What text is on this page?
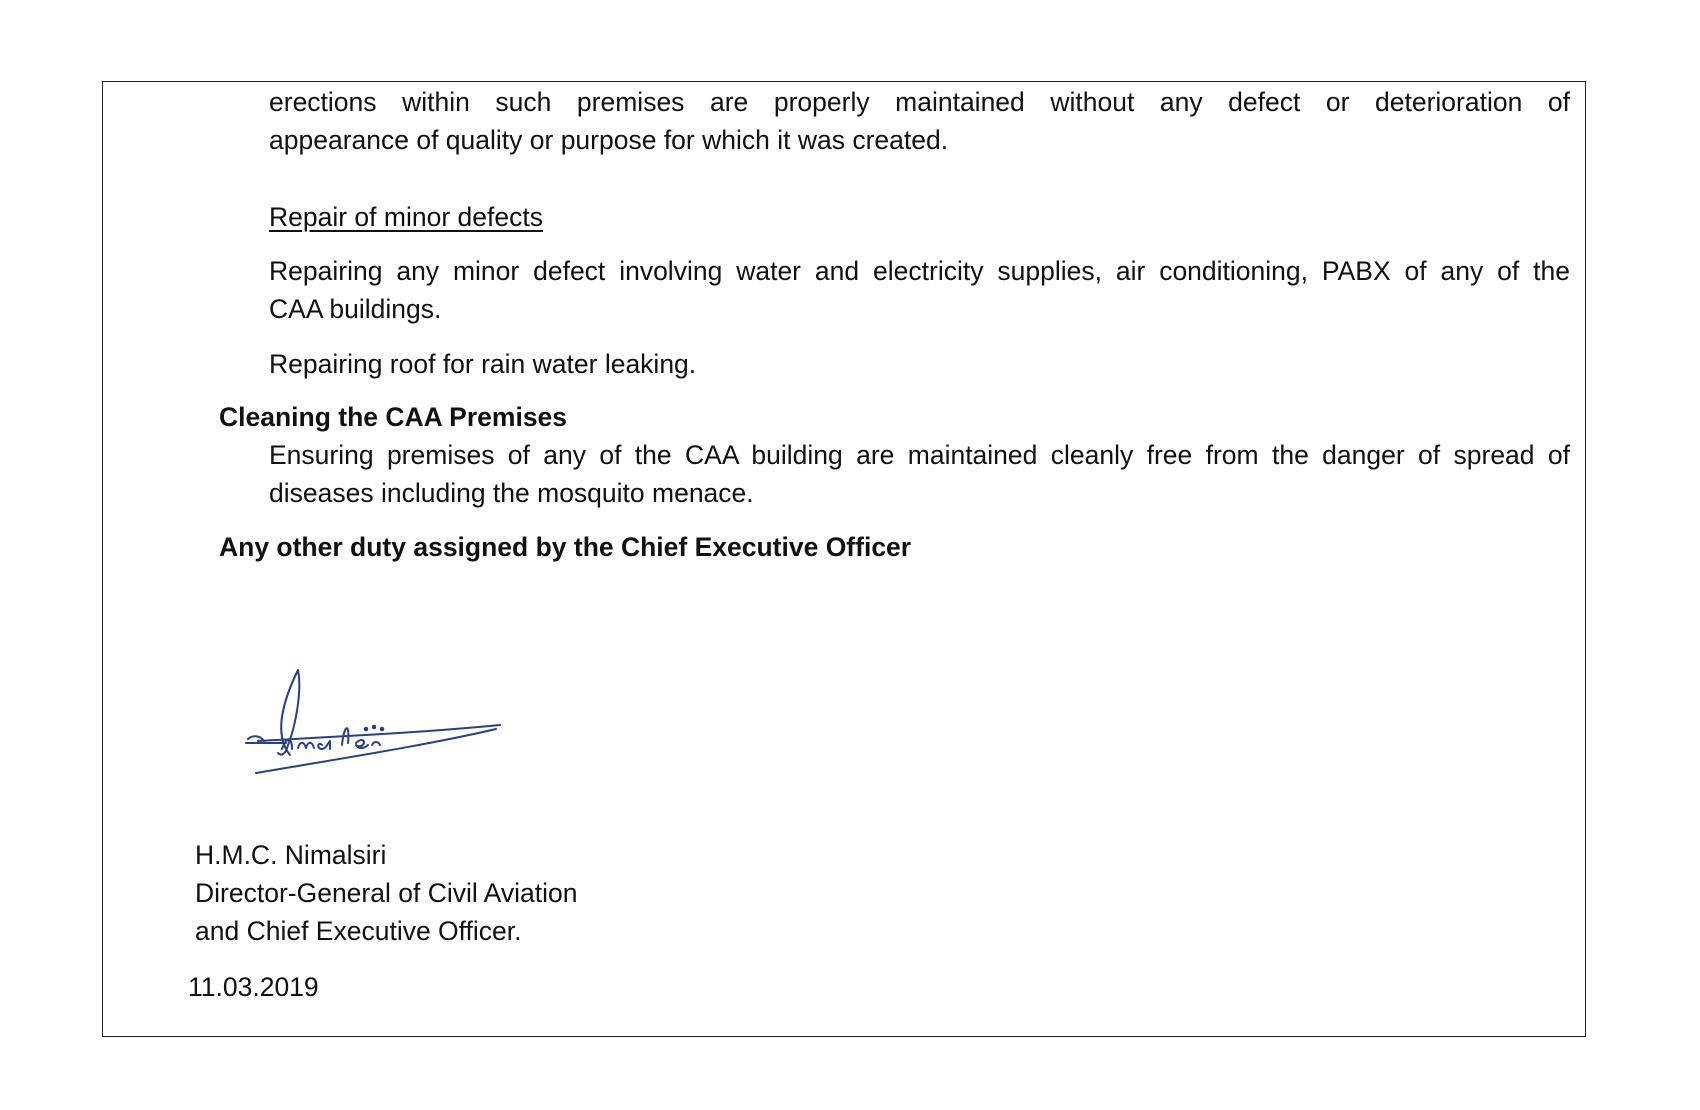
erections within such premises are properly maintained without any defect or deterioration of
appearance of quality or purpose for which it was created.
Repair of minor defects
Repairing any minor defect involving water and electricity supplies, air conditioning, PABX of any of the
CAA buildings.
Repairing roof for rain water leaking.
Cleaning the CAA Premises
Ensuring premises of any of the CAA building are maintained cleanly free from the danger of spread of
diseases including the mosquito menace.
Any other duty assigned by the Chief Executive Officer
Nimalsiri
H.M.C. Nimalsiri
Director-General of Civil Aviation
and Chief Executive Officer.
11.03.2019
